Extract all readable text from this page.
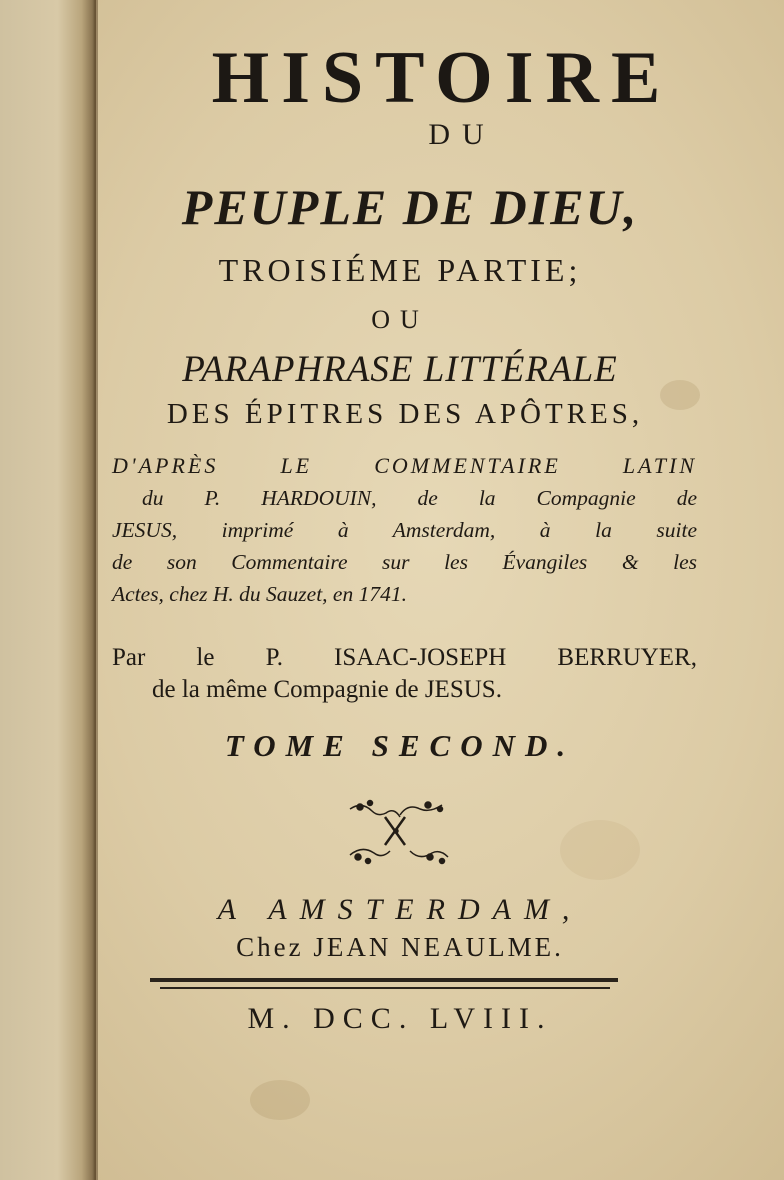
HISTOIRE
DU
PEUPLE DE DIEU,
TROISIÉME PARTIE;
OU
PARAPHRASE LITTÉRALE
DES ÉPITRES DES APÔTRES,
D'APRÈS LE COMMENTAIRE LATIN
du P. HARDOUIN, de la Compagnie de
JESUS, imprimé à Amsterdam, à la suite
de son Commentaire sur les Évangiles & les
Actes, chez H. du Sauzet, en 1741.
Par le P. ISAAC-JOSEPH BERRUYER,
de la même Compagnie de JESUS.
TOME SECOND.
A AMSTERDAM,
Chez JEAN NEAULME.
M. DCC. LVIII.
